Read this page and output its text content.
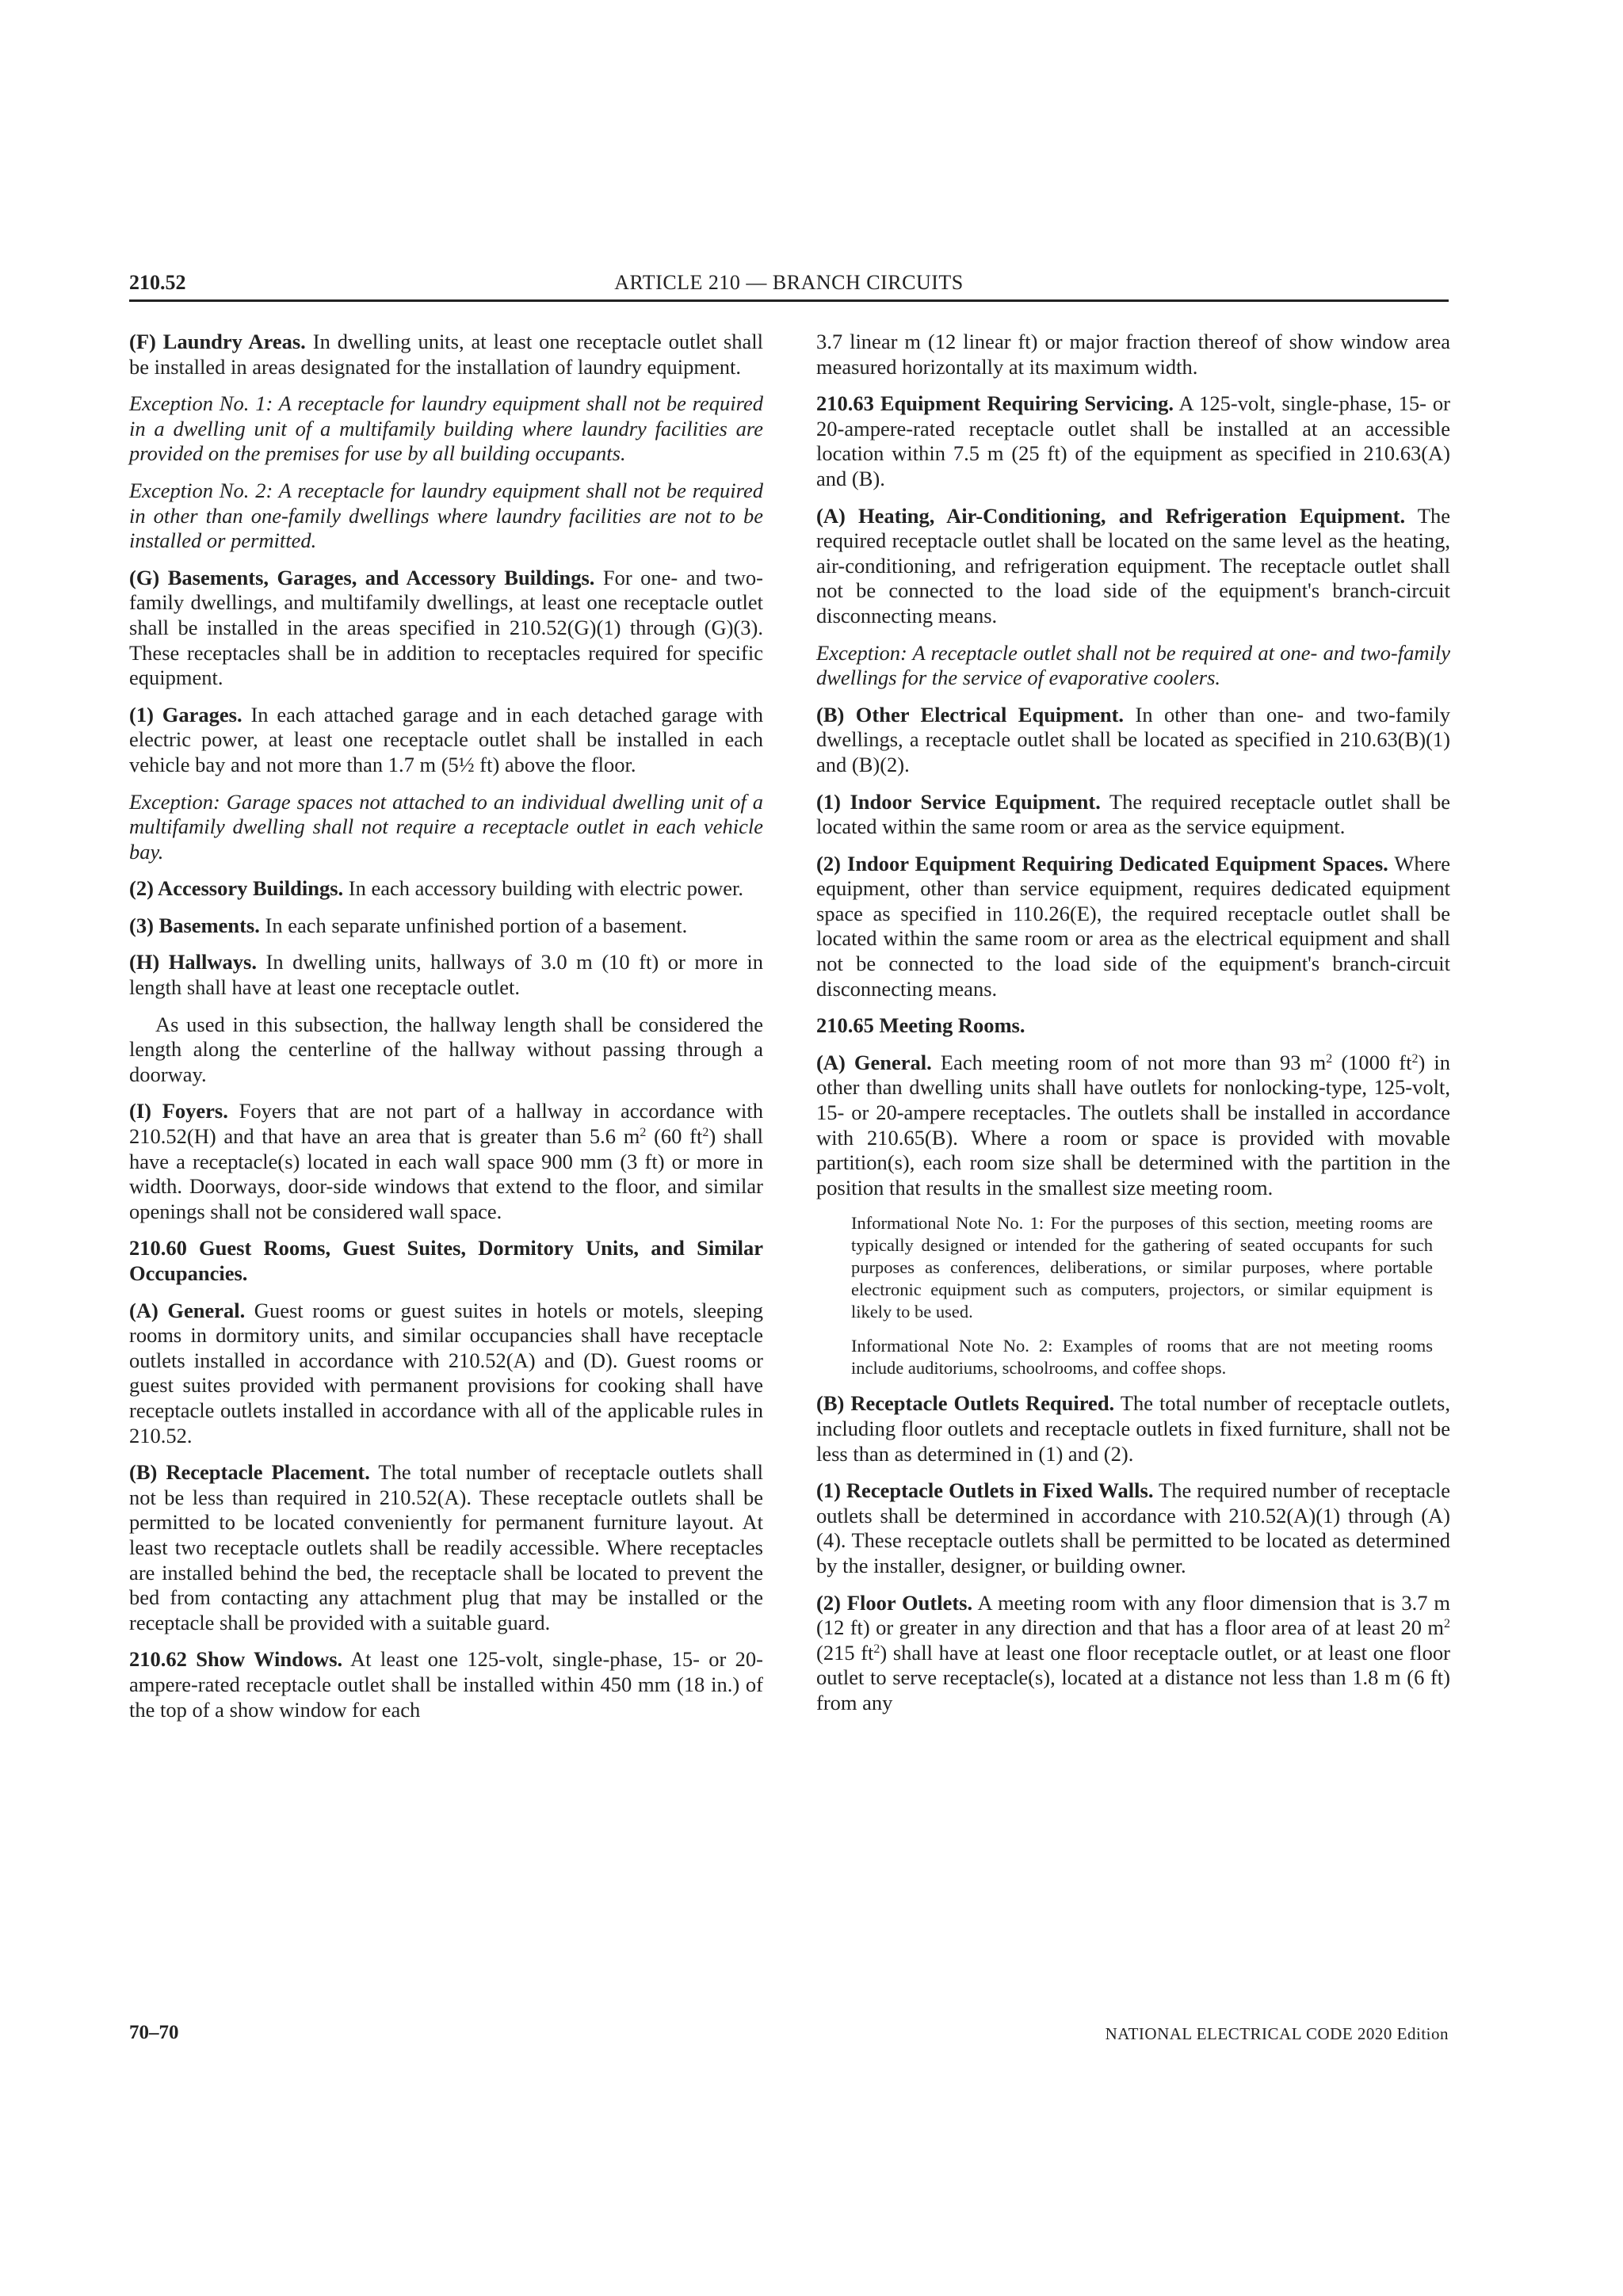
210.52	ARTICLE 210 — BRANCH CIRCUITS

(F) Laundry Areas. In dwelling units, at least one receptacle outlet shall be installed in areas designated for the installation of laundry equipment.

Exception No. 1: A receptacle for laundry equipment shall not be required in a dwelling unit of a multifamily building where laundry facilities are provided on the premises for use by all building occupants.

Exception No. 2: A receptacle for laundry equipment shall not be required in other than one-family dwellings where laundry facilities are not to be installed or permitted.

(G) Basements, Garages, and Accessory Buildings. For one- and two-family dwellings, and multifamily dwellings, at least one receptacle outlet shall be installed in the areas specified in 210.52(G)(1) through (G)(3). These receptacles shall be in addition to receptacles required for specific equipment.

(1) Garages. In each attached garage and in each detached garage with electric power, at least one receptacle outlet shall be installed in each vehicle bay and not more than 1.7 m (5½ ft) above the floor.

Exception: Garage spaces not attached to an individual dwelling unit of a multifamily dwelling shall not require a receptacle outlet in each vehicle bay.

(2) Accessory Buildings. In each accessory building with electric power.

(3) Basements. In each separate unfinished portion of a basement.

(H) Hallways. In dwelling units, hallways of 3.0 m (10 ft) or more in length shall have at least one receptacle outlet.

As used in this subsection, the hallway length shall be considered the length along the centerline of the hallway without passing through a doorway.

(I) Foyers. Foyers that are not part of a hallway in accordance with 210.52(H) and that have an area that is greater than 5.6 $m^2$ (60 $ft^2$) shall have a receptacle(s) located in each wall space 900 mm (3 ft) or more in width. Doorways, door-side windows that extend to the floor, and similar openings shall not be considered wall space.

210.60 Guest Rooms, Guest Suites, Dormitory Units, and Similar Occupancies.

(A) General. Guest rooms or guest suites in hotels or motels, sleeping rooms in dormitory units, and similar occupancies shall have receptacle outlets installed in accordance with 210.52(A) and (D). Guest rooms or guest suites provided with permanent provisions for cooking shall have receptacle outlets installed in accordance with all of the applicable rules in 210.52.

(B) Receptacle Placement. The total number of receptacle outlets shall not be less than required in 210.52(A). These receptacle outlets shall be permitted to be located conveniently for permanent furniture layout. At least two receptacle outlets shall be readily accessible. Where receptacles are installed behind the bed, the receptacle shall be located to prevent the bed from contacting any attachment plug that may be installed or the receptacle shall be provided with a suitable guard.

210.62 Show Windows. At least one 125-volt, single-phase, 15- or 20-ampere-rated receptacle outlet shall be installed within 450 mm (18 in.) of the top of a show window for each

3.7 linear m (12 linear ft) or major fraction thereof of show window area measured horizontally at its maximum width.

210.63 Equipment Requiring Servicing. A 125-volt, single-phase, 15- or 20-ampere-rated receptacle outlet shall be installed at an accessible location within 7.5 m (25 ft) of the equipment as specified in 210.63(A) and (B).

(A) Heating, Air-Conditioning, and Refrigeration Equipment. The required receptacle outlet shall be located on the same level as the heating, air-conditioning, and refrigeration equipment. The receptacle outlet shall not be connected to the load side of the equipment's branch-circuit disconnecting means.

Exception: A receptacle outlet shall not be required at one- and two-family dwellings for the service of evaporative coolers.

(B) Other Electrical Equipment. In other than one- and two-family dwellings, a receptacle outlet shall be located as specified in 210.63(B)(1) and (B)(2).

(1) Indoor Service Equipment. The required receptacle outlet shall be located within the same room or area as the service equipment.

(2) Indoor Equipment Requiring Dedicated Equipment Spaces. Where equipment, other than service equipment, requires dedicated equipment space as specified in 110.26(E), the required receptacle outlet shall be located within the same room or area as the electrical equipment and shall not be connected to the load side of the equipment's branch-circuit disconnecting means.

210.65 Meeting Rooms.

(A) General. Each meeting room of not more than 93 $m^2$ (1000 $ft^2$) in other than dwelling units shall have outlets for nonlocking-type, 125-volt, 15- or 20-ampere receptacles. The outlets shall be installed in accordance with 210.65(B). Where a room or space is provided with movable partition(s), each room size shall be determined with the partition in the position that results in the smallest size meeting room.

Informational Note No. 1: For the purposes of this section, meeting rooms are typically designed or intended for the gathering of seated occupants for such purposes as conferences, deliberations, or similar purposes, where portable electronic equipment such as computers, projectors, or similar equipment is likely to be used.

Informational Note No. 2: Examples of rooms that are not meeting rooms include auditoriums, schoolrooms, and coffee shops.

(B) Receptacle Outlets Required. The total number of receptacle outlets, including floor outlets and receptacle outlets in fixed furniture, shall not be less than as determined in (1) and (2).

(1) Receptacle Outlets in Fixed Walls. The required number of receptacle outlets shall be determined in accordance with 210.52(A)(1) through (A)(4). These receptacle outlets shall be permitted to be located as determined by the installer, designer, or building owner.

(2) Floor Outlets. A meeting room with any floor dimension that is 3.7 m (12 ft) or greater in any direction and that has a floor area of at least 20 $m^2$ (215 $ft^2$) shall have at least one floor receptacle outlet, or at least one floor outlet to serve receptacle(s), located at a distance not less than 1.8 m (6 ft) from any

70–70	NATIONAL ELECTRICAL CODE 2020 Edition
